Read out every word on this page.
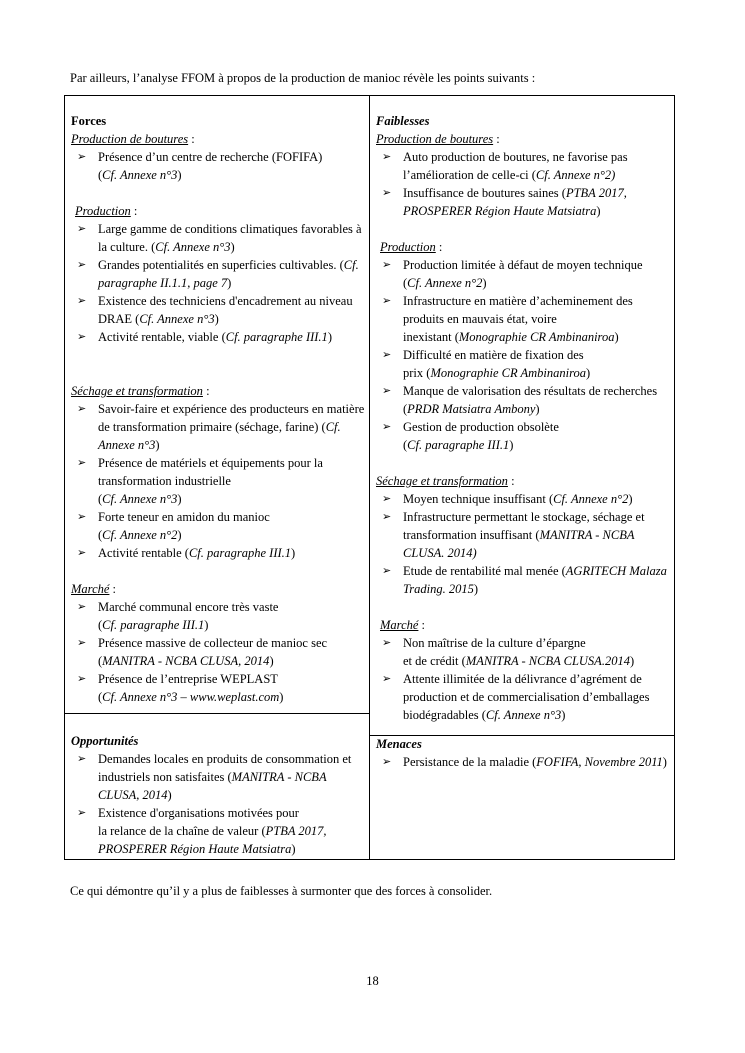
Par ailleurs, l’analyse FFOM à propos de la production de manioc révèle les points suivants :
Forces
Production de boutures :
➢ Présence d’un centre de recherche (FOFIFA)
(Cf. Annexe n°3)
Production :
➢ Large gamme de conditions climatiques favorables à la culture. (Cf. Annexe n°3)
➢ Grandes potentialités en superficies cultivables. (Cf. paragraphe II.1.1, page 7)
➢ Existence des techniciens d'encadrement au niveau DRAE (Cf. Annexe n°3)
➢ Activité rentable, viable (Cf. paragraphe III.1)
Séchage et transformation :
➢ Savoir-faire et expérience des producteurs en matière de transformation primaire (séchage, farine) (Cf. Annexe n°3)
➢ Présence de matériels et équipements pour la transformation industrielle
(Cf. Annexe n°3)
➢ Forte teneur en amidon du manioc
(Cf. Annexe n°2)
➢ Activité rentable (Cf. paragraphe III.1)
Marché :
➢ Marché communal encore très vaste
(Cf. paragraphe III.1)
➢ Présence massive de collecteur de manioc sec (MANITRA - NCBA CLUSA, 2014)
➢ Présence de l’entreprise WEPLAST
(Cf. Annexe n°3 – www.weplast.com)
Faiblesses
Production de boutures :
➢ Auto production de boutures, ne favorise pas l’amélioration de celle-ci (Cf. Annexe n°2)
➢ Insuffisance de boutures saines (PTBA 2017, PROSPERER Région Haute Matsiatra)
Production :
➢ Production limitée à défaut de moyen technique
(Cf. Annexe n°2)
➢ Infrastructure en matière d’acheminement des produits en mauvais état, voire
inexistant (Monographie CR Ambinaniroa)
➢ Difficulté en matière de fixation des
prix (Monographie CR Ambinaniroa)
➢ Manque de valorisation des résultats de recherches (PRDR Matsiatra Ambony)
➢ Gestion de production obsolète
(Cf. paragraphe III.1)
Séchage et transformation :
➢ Moyen technique insuffisant (Cf. Annexe n°2)
➢ Infrastructure permettant le stockage, séchage et transformation insuffisant (MANITRA - NCBA CLUSA. 2014)
➢ Etude de rentabilité mal menée (AGRITECH Malaza Trading. 2015)
Marché :
➢ Non maîtrise de la culture d’épargne
et de crédit (MANITRA - NCBA CLUSA.2014)
➢ Attente illimitée de la délivrance d’agrément de production et de commercialisation d’emballages biodégradables (Cf. Annexe n°3)
Opportunités
➢ Demandes locales en produits de consommation et industriels non satisfaites (MANITRA - NCBA CLUSA, 2014)
➢ Existence d'organisations motivées pour
la relance de la chaîne de valeur (PTBA 2017, PROSPERER Région Haute Matsiatra)
Menaces
➢ Persistance de la maladie (FOFIFA, Novembre 2011)
Ce qui démontre qu’il y a plus de faiblesses à surmonter que des forces à consolider.
18
